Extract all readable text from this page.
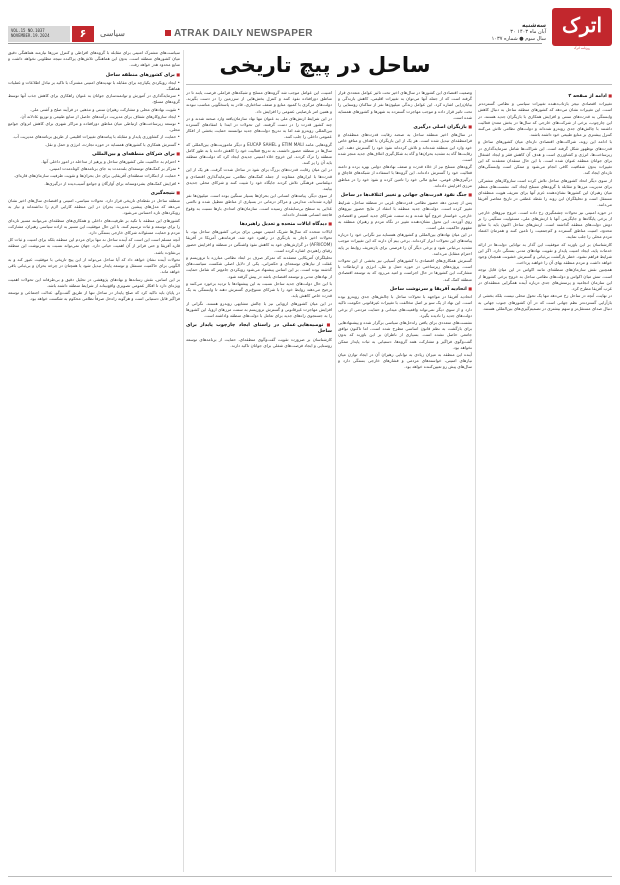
VOL.15 NO.1037
NOVEMBER.19.2024	۶	سیاسی	ATRAK DAILY NEWSPAPER
سه‌شنبه
۳۰ آبان ماه ۱۴۰۳
سال سوم ● شماره ۱۰۳۷
اترک
روزنامه اترک
ساحل در پیچ تاریخی
■ ادامه از صفحه ۲
تغییرات اقتصادی نیجر بازتاب‌دهنده تغییرات سیاسی و نظامی گسترده‌تر است. این تغییرات نشان می‌دهد که کشورهای منطقه ساحل به دنبال کاهش وابستگی به قدرت‌های سنتی و افزایش همکاری با بازیگران جدید هستند. در این چارچوب، برخی از شرکت‌های خارجی که سال‌ها در بخش معدن فعالیت داشتند با چالش‌های جدی روبه‌رو شده‌اند و دولت‌های نظامی تلاش می‌کنند کنترل بیشتری بر منابع طبیعی خود داشته باشند.
با ادامه این روند، شراکت‌های اقتصادی تازه‌ای میان کشورهای ساحل و قدرت‌های نوظهور شکل گرفته است. این شراکت‌ها شامل سرمایه‌گذاری در زیرساخت‌ها، انرژی و کشاورزی است و هدف آن کاهش فقر و ایجاد اشتغال برای جوانان منطقه عنوان شده است. با این حال منتقدان معتقدند که این تغییرات بدون شفافیت کافی انجام می‌شود و ممکن است وابستگی‌های تازه‌ای ایجاد کند.
از سوی دیگر اتحاد کشورهای ساحل تلاش کرده است سازوکارهای مشترکی برای مدیریت مرزها و مقابله با گروه‌های مسلح ایجاد کند. نشست‌های منظم میان رهبران این کشورها نشان‌دهنده عزم آنها برای تعریف هویت منطقه‌ای مستقل است و تحلیلگران این روند را نقطه عطفی در تاریخ معاصر آفریقا می‌دانند.
در حوزه امنیتی نیز تحولات چشمگیری رخ داده است. خروج نیروهای خارجی از برخی پایگاه‌ها و جایگزینی آنها با ارتش‌های ملی، مسئولیت سنگینی را بر دوش دولت‌های منطقه گذاشته است. ارتش‌های ساحل اکنون باید با منابع محدود، امنیت مناطق گسترده و کم‌جمعیت را تامین کنند و همزمان اعتماد مردم محلی را جلب نمایند.
کارشناسان بر این باورند که موفقیت این گذار به توانایی دولت‌ها در ارائه خدمات پایه، ایجاد امنیت پایدار و تقویت نهادهای مدنی بستگی دارد. اگر این شرایط فراهم نشود، خطر بازگشت بی‌ثباتی و گسترش خشونت همچنان وجود خواهد داشت و مردم منطقه بهای آن را خواهند پرداخت.
همچنین نقش سازمان‌های منطقه‌ای مانند اکواس در این میان قابل توجه است. تنش میان اکواس و دولت‌های نظامی ساحل به خروج برخی کشورها از این سازمان انجامید و پرسش‌های جدی درباره آینده همگرایی منطقه‌ای در غرب آفریقا مطرح کرد.
در نهایت، آنچه در ساحل رخ می‌دهد تنها یک تحول محلی نیست بلکه بخشی از بازآرایی گسترده‌تر نظم جهانی است که در آن کشورهای جنوب جهانی به دنبال صدای مستقل‌تر و سهم بیشتری در تصمیم‌گیری‌های بین‌المللی هستند.
وضعیت اقتصادی این کشورها در سال‌های اخیر تحت تاثیر عوامل متعددی قرار گرفته است که از جمله آنها می‌توان به تغییرات اقلیمی، کاهش بارندگی و بیابان‌زایی اشاره کرد. این عوامل زندگی میلیون‌ها نفر از ساکنان روستایی را تحت تاثیر قرار داده و موجب مهاجرت گسترده به شهرها و کشورهای همسایه شده است.
■ بازیگران اصلی درگیری
در سال‌های اخیر منطقه ساحل به صحنه رقابت قدرت‌های منطقه‌ای و فرامنطقه‌ای تبدیل شده است. هر یک از این بازیگران با اهداف و منافع خاص خود وارد این منطقه شده‌اند و تلاش کرده‌اند نفوذ خود را گسترش دهند. این رقابت‌ها گاه به تشدید بحران‌ها و گاه به شکل‌گیری ائتلاف‌های جدید منجر شده است.
گروه‌های مسلح نیز از خلاء قدرت و ضعف نهادهای دولتی بهره برده و دامنه فعالیت خود را گسترش داده‌اند. این گروه‌ها با استفاده از شبکه‌های قاچاق و درگیری‌های قومی، منابع مالی خود را تامین کرده و نفوذ خود را در مناطق مرزی افزایش داده‌اند.
■ جنگ نفوذ قدرت‌های جهانی و تغییر ائتلاف‌ها در ساحل
پس از چندین دهه حضور نظامی قدرت‌های غربی در منطقه ساحل، شرایط تغییر کرده است. دولت‌های جدید منطقه با انتقاد از نتایج حضور نیروهای خارجی، خواستار خروج آنها شدند و به سمت شرکای جدید امنیتی و اقتصادی روی آوردند. این تحول نشان‌دهنده تغییر در نگاه مردم و رهبران منطقه به مفهوم حاکمیت ملی است.
در این میان نهادهای بین‌المللی و کشورهای همسایه نیز نگرانی خود را درباره پیامدهای این تحولات ابراز کرده‌اند. برخی بیم آن دارند که این تغییرات موجب تشدید بی‌ثباتی شود و برخی دیگر آن را فرصتی برای بازتعریف روابط بر پایه احترام متقابل می‌دانند.
گسترش همکاری‌های اقتصادی با کشورهای آسیایی نیز بخشی از این تحولات است. پروژه‌های زیرساختی در حوزه حمل و نقل، انرژی و ارتباطات با مشارکت این کشورها در حال اجراست و امید می‌رود که به توسعه اقتصادی منطقه کمک کند.
■ اتحادیه آفریقا و سرنوشت ساحل
اتحادیه آفریقا در مواجهه با تحولات ساحل با چالش‌های جدی روبه‌رو بوده است. این نهاد از یک سو بر اصل مخالفت با تغییرات غیرقانونی حکومت تاکید دارد و از سوی دیگر نمی‌تواند واقعیت‌های میدانی و حمایت مردمی از برخی دولت‌های جدید را نادیده بگیرد.
نشست‌های متعددی برای یافتن راه‌حل‌های سیاسی برگزار شده و پیشنهادهایی برای بازگشت به نظم قانون اساسی مطرح شده است، اما تاکنون توافق جامعی حاصل نشده است. بسیاری از ناظران بر این باورند که بدون گفت‌وگوی فراگیر و مشارکت همه گروه‌ها، دستیابی به ثبات پایدار ممکن نخواهد بود.
آینده این منطقه به میزان زیادی به توانایی رهبران آن در ایجاد توازن میان نیازهای امنیتی، خواسته‌های مردمی و فشارهای خارجی بستگی دارد و سال‌های پیش رو تعیین‌کننده خواهد بود.
امنیت، این عوامل موجب شد گروه‌های مسلح و شبکه‌های فراملی فرصت یابند تا در مناطق دورافتاده نفوذ کنند و کنترل بخش‌هایی از سرزمین را در دست بگیرند. دولت‌های مرکزی با کمبود منابع و ضعف ساختاری، قادر به پاسخگویی مناسب نبودند و همین امر نارضایتی عمومی را افزایش داد.
در این شرایط ارتش‌های ملی به عنوان تنها نهاد سازمان‌یافته وارد صحنه شدند و در چند کشور قدرت را در دست گرفتند. این تحولات در ابتدا با انتقادهای گسترده بین‌المللی روبه‌رو شد اما به تدریج دولت‌های جدید توانستند حمایت بخشی از افکار عمومی داخلی را جلب کنند.
گروه‌هایی مانند ETIM MALI و EUCAP SAHEL و دیگر ماموریت‌های بین‌المللی که سال‌ها در منطقه حضور داشتند، به تدریج فعالیت خود را کاهش دادند یا به طور کامل منطقه را ترک کردند. این خروج خلاء امنیتی جدیدی ایجاد کرد که دولت‌های منطقه باید آن را پر کنند.
در این میان رقابت قدرت‌های بزرگ برای نفوذ در ساحل شدت گرفت. هر یک از این قدرت‌ها با ابزارهای متفاوت از جمله کمک‌های نظامی، سرمایه‌گذاری اقتصادی و دیپلماسی فرهنگی تلاش کردند جایگاه خود را تثبیت کنند و شرکای محلی جدیدی بیابند.
از سوی دیگر، پیامدهای انسانی این بحران‌ها بسیار سنگین بوده است. میلیون‌ها نفر آواره شده‌اند، مدارس و مراکز درمانی در بسیاری از مناطق تعطیل شده و ناامنی غذایی به سطح بی‌سابقه‌ای رسیده است. سازمان‌های امدادی بارها نسبت به وقوع فاجعه انسانی هشدار داده‌اند.
■ دیدگاه ایالات متحده و تعدیل راهبردها
ایالات متحده که سال‌ها شریک امنیتی مهمی برای برخی کشورهای ساحل بود، با تحولات اخیر ناچار به بازنگری در راهبرد خود شد. فرماندهی آمریکا در آفریقا (AFRICOM) در گزارش‌های خود به کاهش نفوذ واشنگتن در منطقه و افزایش حضور رقبای راهبردی اشاره کرده است.
تحلیلگران آمریکایی معتقدند که تمرکز صرف بر ابعاد نظامی مبارزه با تروریسم و غفلت از نیازهای توسعه‌ای و حکمرانی، یکی از دلایل اصلی شکست سیاست‌های گذشته بوده است. بر این اساس پیشنهاد می‌شود رویکردی جامع‌تر که شامل حمایت از نهادهای مدنی و توسعه اقتصادی باشد در پیش گرفته شود.
با این حال دولت‌های جدید ساحل نسبت به این پیشنهادها با تردید برخورد می‌کنند و ترجیح می‌دهند روابط خود را با شرکای متنوع‌تری گسترش دهند تا وابستگی به یک قدرت خاص کاهش یابد.
در این میان کشورهای اروپایی نیز با چالش مشابهی روبه‌رو هستند. نگرانی از افزایش مهاجرت غیرقانونی و گسترش تروریسم به سمت مرزهای اروپا، این کشورها را به جستجوی راه‌های جدید برای تعامل با دولت‌های منطقه واداشته است.
■ توصیه‌هایی عملی در راستای ایجاد چارچوب پایدار برای ساحل
کارشناسان بر ضرورت تقویت گفت‌وگوی منطقه‌ای، حمایت از برنامه‌های توسعه روستایی و ایجاد فرصت‌های شغلی برای جوانان تاکید دارند.
سیاست‌های مشترک امنیتی برای مقابله با گروه‌های افراطی و کنترل مرزها نیازمند هماهنگی دقیق میان کشورهای منطقه است. بدون این هماهنگی تلاش‌های پراکنده نتیجه مطلوبی نخواهد داشت و منابع محدود هدر خواهد رفت.
■ برای کشورهای منطقه ساحل
• ایجاد رویکردی یکپارچه برای مقابله با تهدیدهای امنیتی مشترک با تاکید بر تبادل اطلاعات و عملیات هماهنگ.
• سرمایه‌گذاری در آموزش و توانمندسازی جوانان به عنوان راهکاری برای کاهش جذب آنها توسط گروه‌های مسلح.
• تقویت نهادهای محلی و مشارکت رهبران سنتی و مذهبی در فرآیند صلح و آشتی ملی.
• ایجاد سازوکارهای شفاف برای مدیریت درآمدهای حاصل از منابع طبیعی و توزیع عادلانه آن.
• توسعه زیرساخت‌های ارتباطی میان مناطق دورافتاده و مراکز شهری برای کاهش انزوای جوامع محلی.
• حمایت از کشاورزی پایدار و مقابله با پیامدهای تغییرات اقلیمی از طریق برنامه‌های مدیریت آب.
• گسترش همکاری با کشورهای همسایه در حوزه تجارت، انرژی و حمل و نقل.
■ برای شرکای منطقه‌ای و بین‌المللی
• احترام به حاکمیت ملی کشورهای ساحل و پرهیز از مداخله در امور داخلی آنها.
• تمرکز بر کمک‌های توسعه‌ای بلندمدت به جای برنامه‌های کوتاه‌مدت امنیتی.
• حمایت از ابتکارات منطقه‌ای آفریقایی برای حل بحران‌ها و تقویت ظرفیت سازمان‌های قاره‌ای.
• افزایش کمک‌های بشردوستانه برای آوارگان و جوامع آسیب‌دیده از درگیری‌ها.
■ نتیجه‌گیری
منطقه ساحل در نقطه‌ای تاریخی قرار دارد. تحولات سیاسی، امنیتی و اقتصادی سال‌های اخیر نشان می‌دهد که مدل‌های پیشین مدیریت بحران در این منطقه کارایی لازم را نداشته‌اند و نیاز به رویکردهای تازه احساس می‌شود.
کشورهای این منطقه با تکیه بر ظرفیت‌های داخلی و همکاری‌های منطقه‌ای می‌توانند مسیر تازه‌ای را برای توسعه و ثبات ترسیم کنند. با این حال موفقیت این مسیر به اراده سیاسی رهبران، مشارکت مردم و حمایت مسئولانه شرکای خارجی بستگی دارد.
آنچه مسلم است این است که آینده ساحل نه تنها برای مردم این منطقه بلکه برای امنیت و ثبات کل قاره آفریقا و حتی فراتر از آن اهمیت حیاتی دارد. جهان نمی‌تواند نسبت به سرنوشت این منطقه بی‌تفاوت باشد.
تحولات آینده نشان خواهد داد که آیا ساحل می‌تواند از این پیچ تاریخی با موفقیت عبور کند و به الگویی برای حاکمیت مستقل و توسعه پایدار تبدیل شود یا همچنان در چرخه بحران و بی‌ثباتی باقی خواهد ماند.
بر این اساس، نقش رسانه‌ها و نهادهای پژوهشی در تحلیل دقیق و بی‌طرفانه این تحولات اهمیت ویژه‌ای دارد تا افکار عمومی تصویری واقع‌بینانه از شرایط منطقه داشته باشد.
در پایان باید تاکید کرد که صلح پایدار در ساحل تنها از طریق گفت‌وگو، عدالت اجتماعی و توسعه فراگیر قابل دستیابی است و هرگونه راه‌حل صرفاً نظامی محکوم به شکست خواهد بود.
